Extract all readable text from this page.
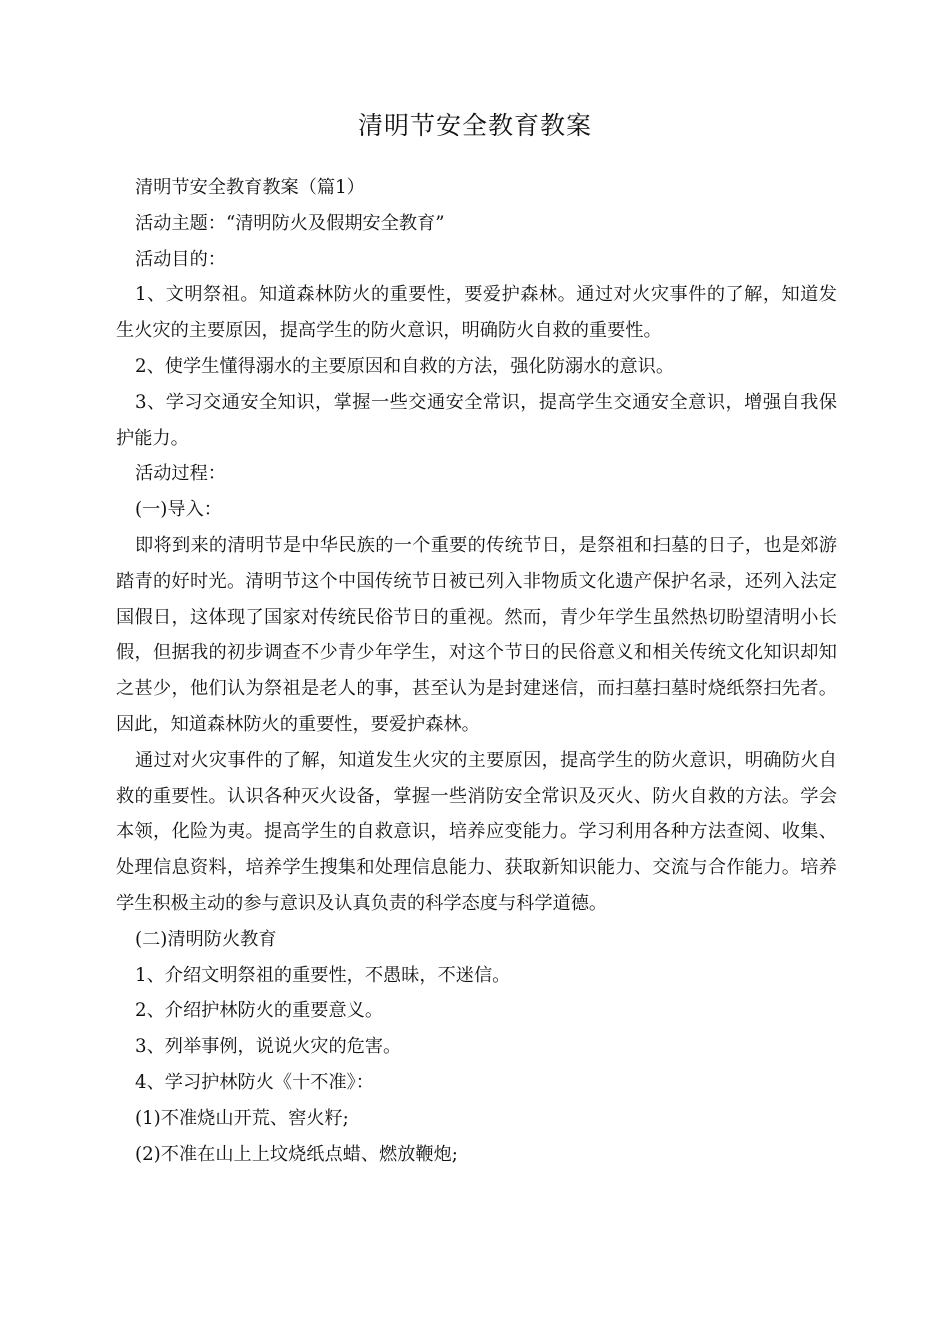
清明节安全教育教案

清明节安全教育教案（篇1）

活动主题：“清明防火及假期安全教育”

活动目的：

1、文明祭祖。知道森林防火的重要性，要爱护森林。通过对火灾事件的了解，知道发生火灾的主要原因，提高学生的防火意识，明确防火自救的重要性。

2、使学生懂得溺水的主要原因和自救的方法，强化防溺水的意识。

3、学习交通安全知识，掌握一些交通安全常识，提高学生交通安全意识，增强自我保护能力。

活动过程：

(一)导入：

即将到来的清明节是中华民族的一个重要的传统节日，是祭祖和扫墓的日子，也是郊游踏青的好时光。清明节这个中国传统节日被已列入非物质文化遗产保护名录，还列入法定国假日，这体现了国家对传统民俗节日的重视。然而，青少年学生虽然热切盼望清明小长假，但据我的初步调查不少青少年学生，对这个节日的民俗意义和相关传统文化知识却知之甚少，他们认为祭祖是老人的事，甚至认为是封建迷信，而扫墓扫墓时烧纸祭扫先者。因此，知道森林防火的重要性，要爱护森林。

通过对火灾事件的了解，知道发生火灾的主要原因，提高学生的防火意识，明确防火自救的重要性。认识各种灭火设备，掌握一些消防安全常识及灭火、防火自救的方法。学会本领，化险为夷。提高学生的自救意识，培养应变能力。学习利用各种方法查阅、收集、处理信息资料，培养学生搜集和处理信息能力、获取新知识能力、交流与合作能力。培养学生积极主动的参与意识及认真负责的科学态度与科学道德。

(二)清明防火教育

1、介绍文明祭祖的重要性，不愚昧，不迷信。

2、介绍护林防火的重要意义。

3、列举事例，说说火灾的危害。

4、学习护林防火《十不准》：

(1)不准烧山开荒、窖火籽;

(2)不准在山上上坟烧纸点蜡、燃放鞭炮;
